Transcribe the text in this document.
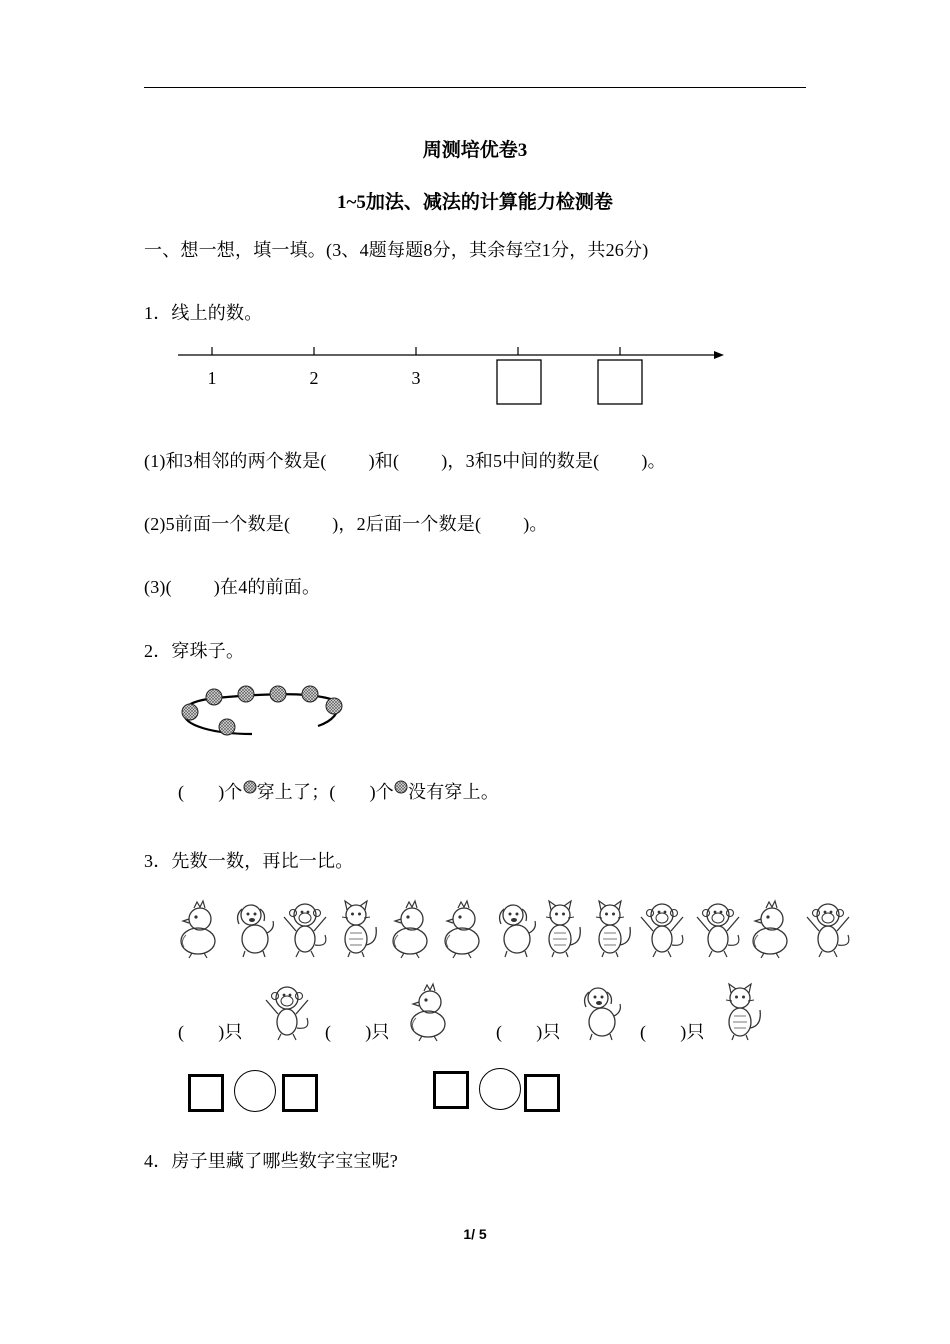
周测培优卷3
1~5加法、减法的计算能力检测卷
一、想一想，填一填。(3、4题每题8分，其余每空1分，共26分)
1．线上的数。
1	2	3
(1)和3相邻的两个数是( )和( )，3和5中间的数是( )。
(2)5前面一个数是( )，2后面一个数是( )。
(3)( )在4的前面。
2．穿珠子。
( )个 穿上了；( )个 没有穿上。
3．先数一数，再比一比。
( )只	( )只	( )只	( )只
4．房子里藏了哪些数字宝宝呢?
1/ 5
